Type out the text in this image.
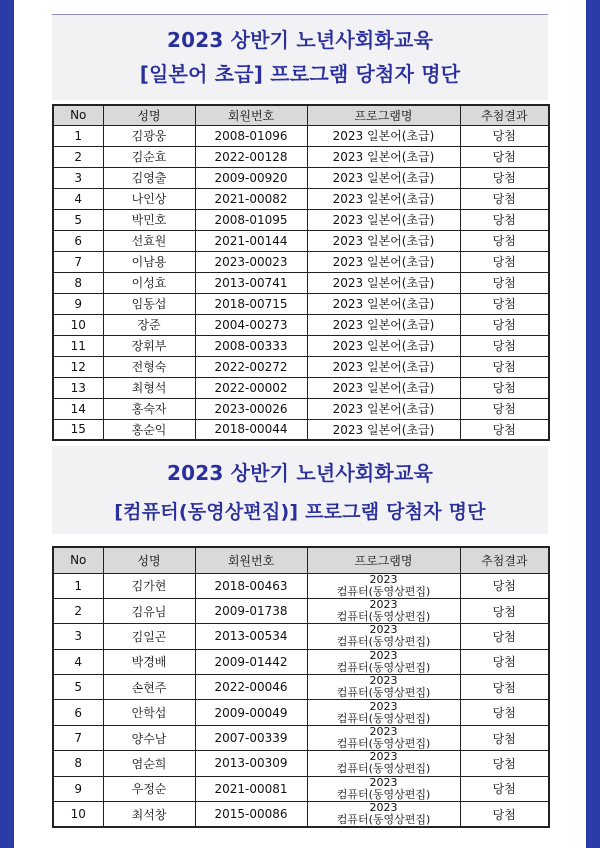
2023 상반기 노년사회화교육
[일본어 초급] 프로그램 당첨자 명단
No	성명	회원번호	프로그램명	추첨결과
1	김광웅	2008-01096	2023 일본어(초급)	당첨
2	김순효	2022-00128	2023 일본어(초급)	당첨
3	김영출	2009-00920	2023 일본어(초급)	당첨
4	나인상	2021-00082	2023 일본어(초급)	당첨
5	박민호	2008-01095	2023 일본어(초급)	당첨
6	선효원	2021-00144	2023 일본어(초급)	당첨
7	이남용	2023-00023	2023 일본어(초급)	당첨
8	이성효	2013-00741	2023 일본어(초급)	당첨
9	임동섭	2018-00715	2023 일본어(초급)	당첨
10	장준	2004-00273	2023 일본어(초급)	당첨
11	장휘부	2008-00333	2023 일본어(초급)	당첨
12	전형숙	2022-00272	2023 일본어(초급)	당첨
13	최형석	2022-00002	2023 일본어(초급)	당첨
14	홍숙자	2023-00026	2023 일본어(초급)	당첨
15	홍순익	2018-00044	2023 일본어(초급)	당첨
2023 상반기 노년사회화교육
[컴퓨터(동영상편집)] 프로그램 당첨자 명단
No	성명	회원번호	프로그램명	추첨결과
1	김가현	2018-00463	2023
컴퓨터(동영상편집)	당첨
2	김유님	2009-01738	2023
컴퓨터(동영상편집)	당첨
3	김일곤	2013-00534	2023
컴퓨터(동영상편집)	당첨
4	박경배	2009-01442	2023
컴퓨터(동영상편집)	당첨
5	손현주	2022-00046	2023
컴퓨터(동영상편집)	당첨
6	안학섭	2009-00049	2023
컴퓨터(동영상편집)	당첨
7	양수남	2007-00339	2023
컴퓨터(동영상편집)	당첨
8	염순희	2013-00309	2023
컴퓨터(동영상편집)	당첨
9	우정순	2021-00081	2023
컴퓨터(동영상편집)	당첨
10	최석창	2015-00086	2023
컴퓨터(동영상편집)	당첨
